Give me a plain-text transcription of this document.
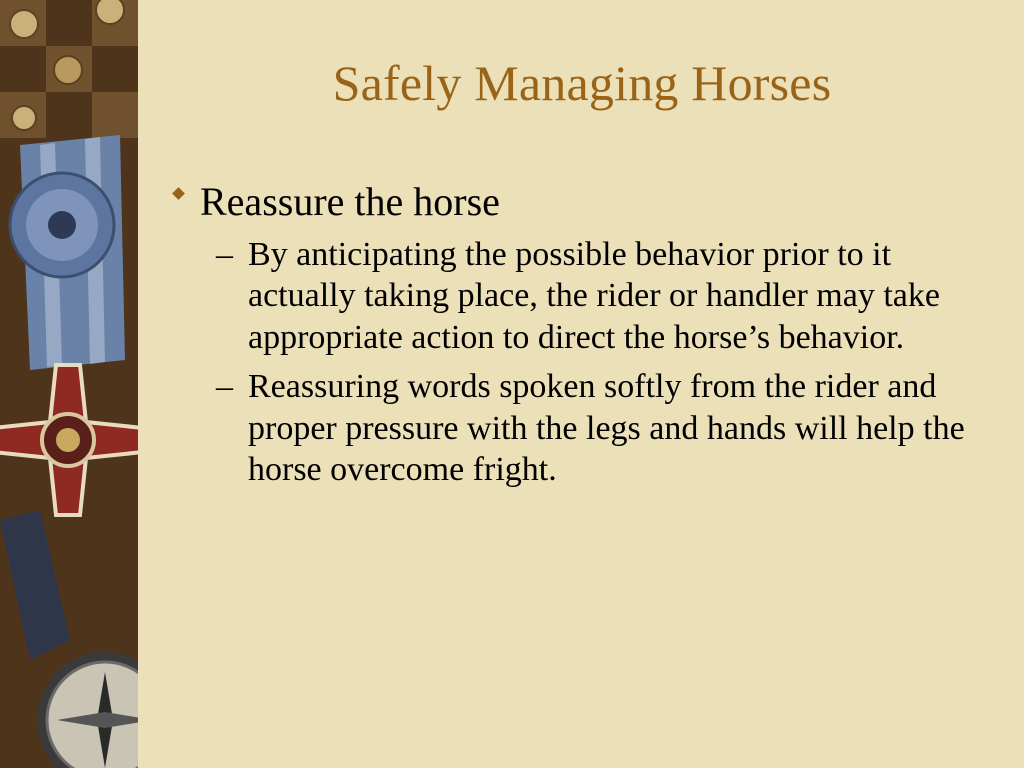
Safely Managing Horses
Reassure the horse
– By anticipating the possible behavior prior to it actually taking place, the rider or handler may take appropriate action to direct the horse’s behavior.
– Reassuring words spoken softly from the rider and proper pressure with the legs and hands will help the horse overcome fright.
